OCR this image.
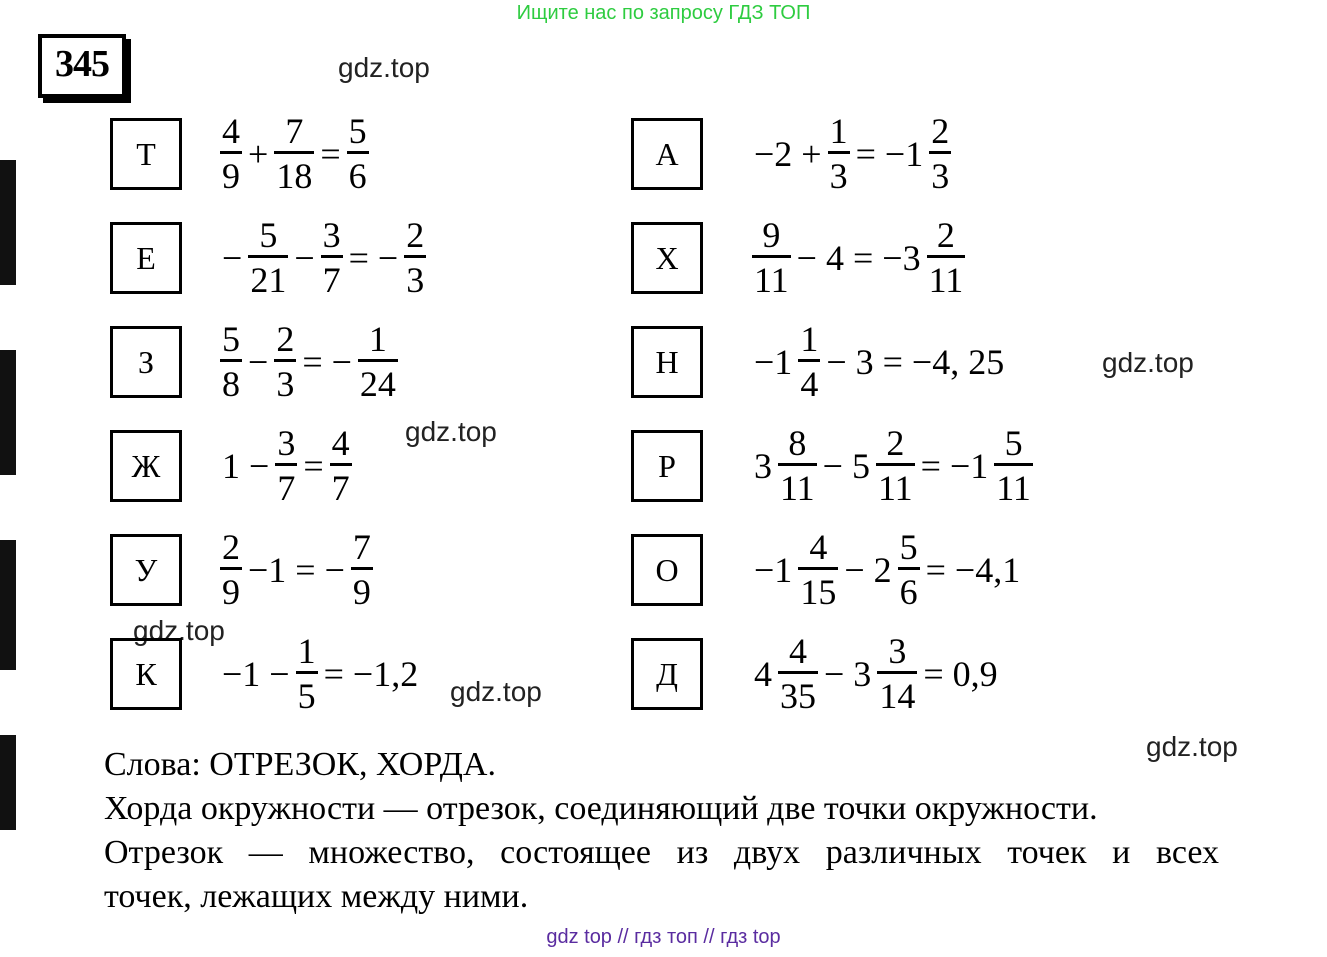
Ищите нас по запросу ГДЗ ТОП
345	gdz.top
gdz.top
gdz.top
gdz.top
gdz.top
gdz.top
Т	$\frac{4}{9} + \frac{7}{18} = \frac{5}{6}$
Е	− $\frac{5}{21} - \frac{3}{7}$ = − $\frac{2}{3}$
З	$\frac{5}{8} - \frac{2}{3}$ = − $\frac{1}{24}$
Ж	$1 - \frac{3}{7} = \frac{4}{7}$
У	$\frac{2}{9} -1$ = − $\frac{7}{9}$
К	$-1 - \frac{1}{5} = -1,2$
А	$-2 + \frac{1}{3} = -1 \frac{2}{3}$
Х	$\frac{9}{11} - 4 = -3 \frac{2}{11}$
Н	$-1 \frac{1}{4} - 3 = -4$, 25
Р	$3 \frac{8}{11} - 5 \frac{2}{11} = -1 \frac{5}{11}$
О	$-1 \frac{4}{15} - 2 \frac{5}{6} = -4,1$
Д	$4 \frac{4}{35} - 3 \frac{3}{14} = 0,9$
Слова: ОТРЕЗОК, ХОРДА.
Хорда окружности — отрезок, соединяющий две точки окружности.
Отрезок — множество, состоящее из двух различных точек и всех
точек, лежащих между ними.
gdz top // гдз топ // гдз top
